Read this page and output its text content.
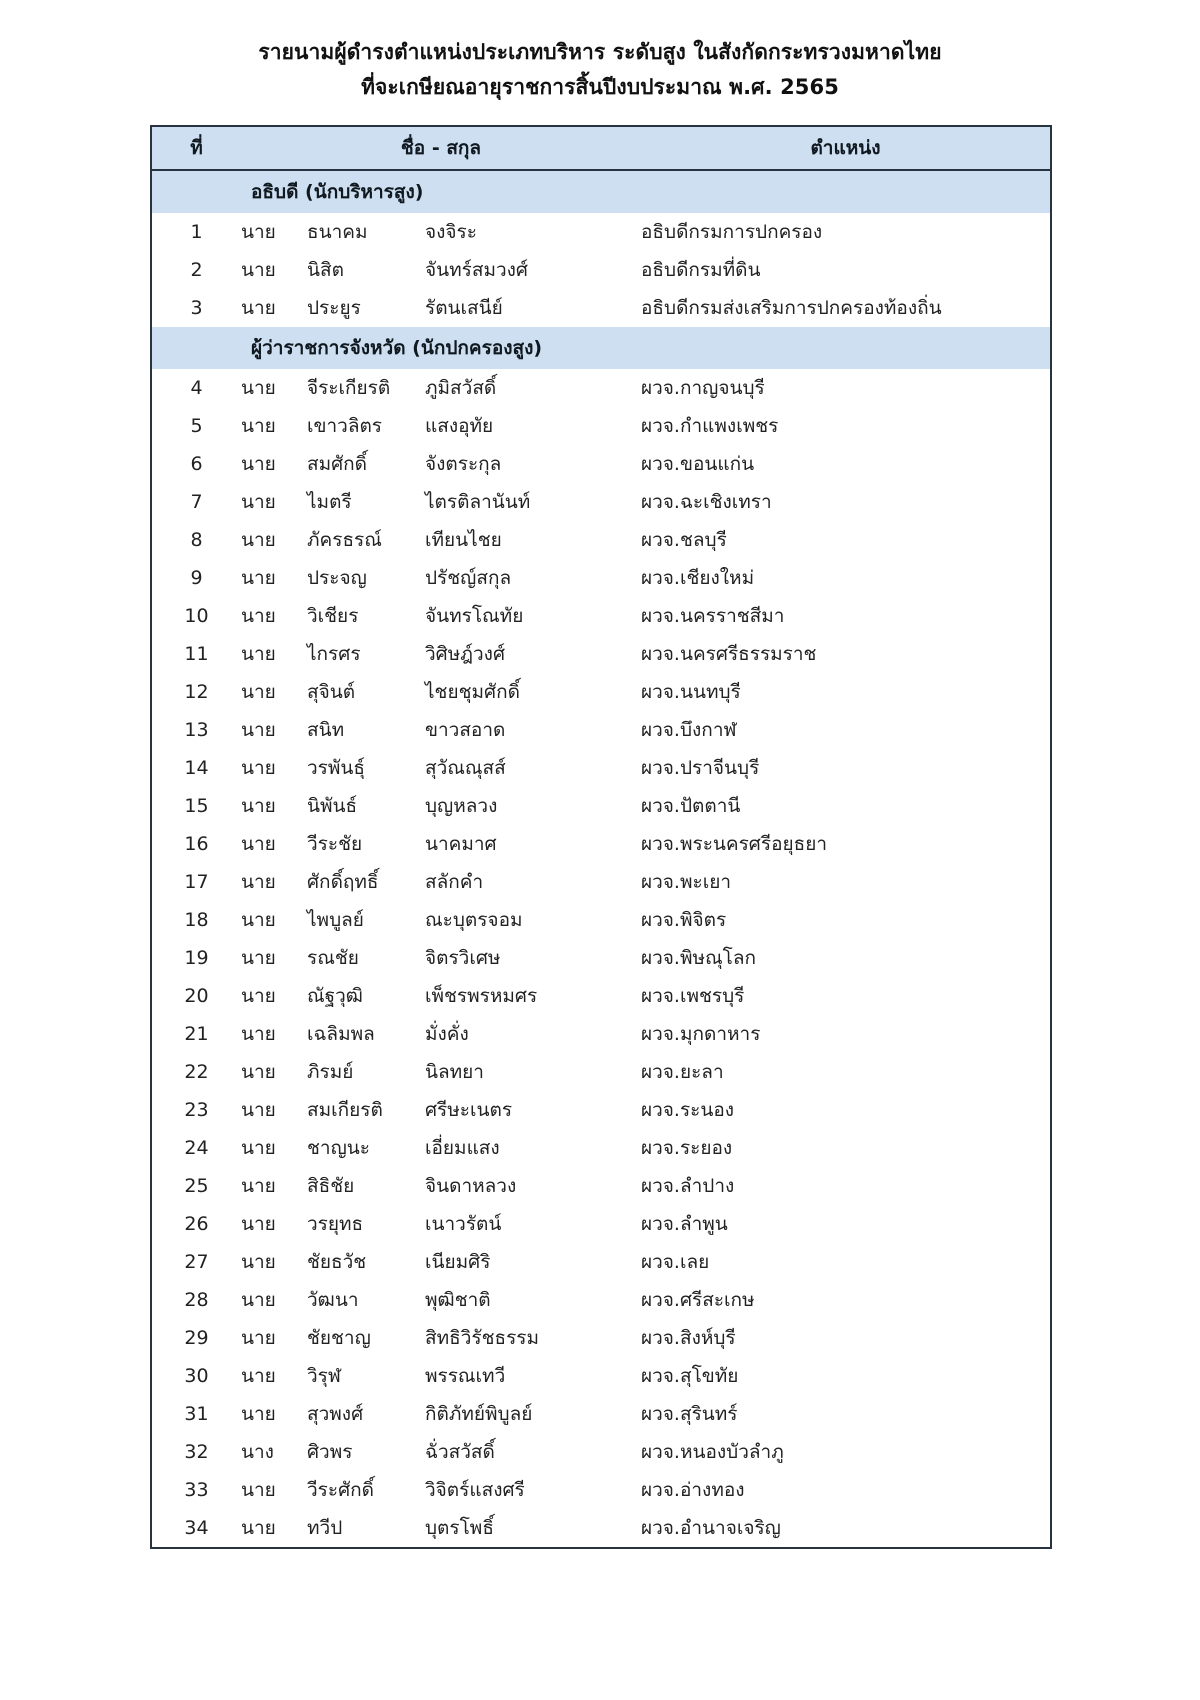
รายนามผู้ดำรงตำแหน่งประเภทบริหาร ระดับสูง ในสังกัดกระทรวงมหาดไทย
ที่จะเกษียณอายุราชการสิ้นปีงบประมาณ พ.ศ. 2565
ที่	ชื่อ - สกุล	ตำแหน่ง

	อธิบดี (นักบริหารสูง)	

1	นาย ธนาคม จงจิระ	อธิบดีกรมการปกครอง
2	นาย นิสิต จันทร์สมวงศ์	อธิบดีกรมที่ดิน
3	นาย ประยูร รัตนเสนีย์	อธิบดีกรมส่งเสริมการปกครองท้องถิ่น

	ผู้ว่าราชการจังหวัด (นักปกครองสูง)	

4	นาย จีระเกียรติ ภูมิสวัสดิ์	ผวจ.กาญจนบุรี
5	นาย เขาวลิตร แสงอุทัย	ผวจ.กำแพงเพชร
6	นาย สมศักดิ์ จังตระกุล	ผวจ.ขอนแก่น
7	นาย ไมตรี ไตรติลานันท์	ผวจ.ฉะเชิงเทรา
8	นาย ภัครธรณ์ เทียนไชย	ผวจ.ชลบุรี
9	นาย ประจญ ปรัชญ์สกุล	ผวจ.เชียงใหม่
10	นาย วิเชียร จันทรโณทัย	ผวจ.นครราชสีมา
11	นาย ไกรศร วิศิษฎ์วงศ์	ผวจ.นครศรีธรรมราช
12	นาย สุจินต์ ไชยชุมศักดิ์	ผวจ.นนทบุรี
13	นาย สนิท ขาวสอาด	ผวจ.บึงกาฬ
14	นาย วรพันธุ์ สุวัณณุสส์	ผวจ.ปราจีนบุรี
15	นาย นิพันธ์ บุญหลวง	ผวจ.ปัตตานี
16	นาย วีระชัย นาคมาศ	ผวจ.พระนครศรีอยุธยา
17	นาย ศักดิ์ฤทธิ์ สลักคำ	ผวจ.พะเยา
18	นาย ไพบูลย์ ณะบุตรจอม	ผวจ.พิจิตร
19	นาย รณชัย จิตรวิเศษ	ผวจ.พิษณุโลก
20	นาย ณัฐวุฒิ เพ็ชรพรหมศร	ผวจ.เพชรบุรี
21	นาย เฉลิมพล มั่งคั่ง	ผวจ.มุกดาหาร
22	นาย ภิรมย์ นิลทยา	ผวจ.ยะลา
23	นาย สมเกียรติ ศรีษะเนตร	ผวจ.ระนอง
24	นาย ชาญนะ เอี่ยมแสง	ผวจ.ระยอง
25	นาย สิธิชัย จินดาหลวง	ผวจ.ลำปาง
26	นาย วรยุทธ เนาวรัตน์	ผวจ.ลำพูน
27	นาย ชัยธวัช เนียมศิริ	ผวจ.เลย
28	นาย วัฒนา พุฒิชาติ	ผวจ.ศรีสะเกษ
29	นาย ชัยชาญ สิทธิวิรัชธรรม	ผวจ.สิงห์บุรี
30	นาย วิรุฬ พรรณเทวี	ผวจ.สุโขทัย
31	นาย สุวพงศ์ กิติภัทย์พิบูลย์	ผวจ.สุรินทร์
32	นาง ศิวพร ฉั่วสวัสดิ์	ผวจ.หนองบัวลำภู
33	นาย วีระศักดิ์ วิจิตร์แสงศรี	ผวจ.อ่างทอง
34	นาย ทวีป บุตรโพธิ์	ผวจ.อำนาจเจริญ
